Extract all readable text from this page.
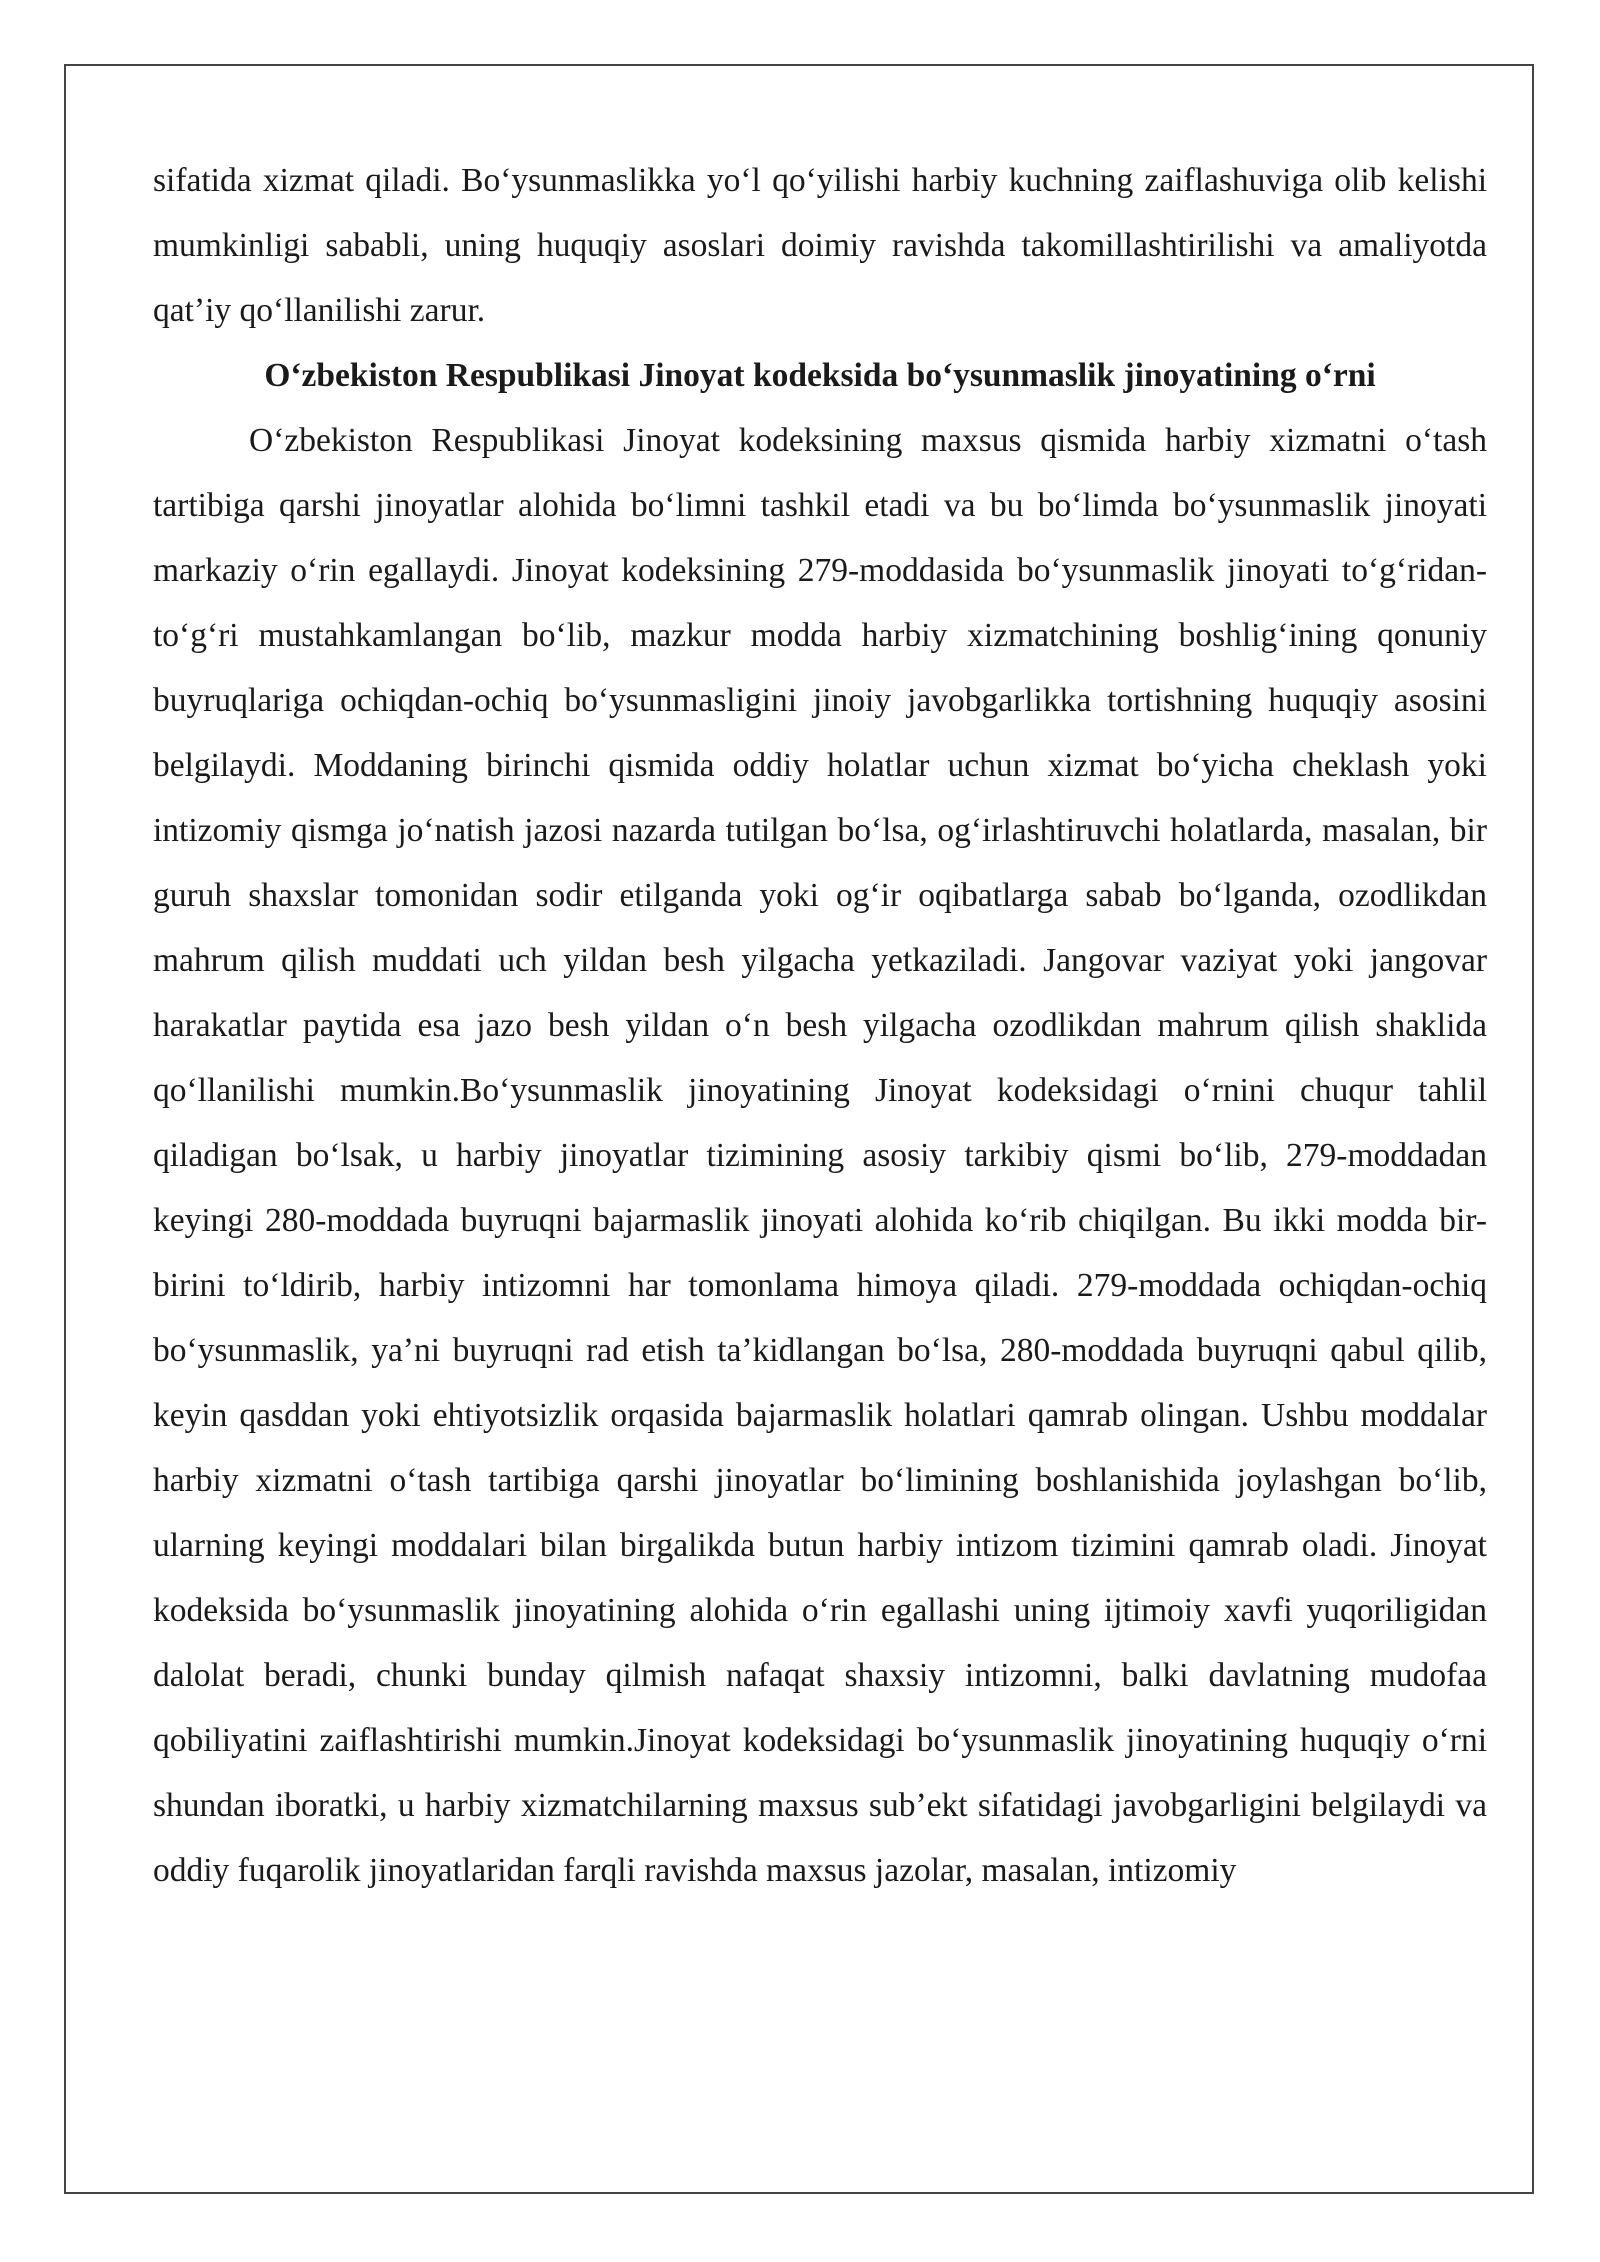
sifatida xizmat qiladi. Boʻysunmaslikka yoʻl qoʻyilishi harbiy kuchning zaiflashuviga olib kelishi mumkinligi sababli, uning huquqiy asoslari doimiy ravishda takomillashtirilishi va amaliyotda qatʼiy qoʻllanilishi zarur.

Oʻzbekiston Respublikasi Jinoyat kodeksida boʻysunmaslik jinoyatining oʻrni

Oʻzbekiston Respublikasi Jinoyat kodeksining maxsus qismida harbiy xizmatni oʻtash tartibiga qarshi jinoyatlar alohida boʻlimni tashkil etadi va bu boʻlimda boʻysunmaslik jinoyati markaziy oʻrin egallaydi. Jinoyat kodeksining 279-moddasida boʻysunmaslik jinoyati toʻgʻridan-toʻgʻri mustahkamlangan boʻlib, mazkur modda harbiy xizmatchining boshligʻining qonuniy buyruqlariga ochiqdan-ochiq boʻysunmasligini jinoiy javobgarlikka tortishning huquqiy asosini belgilaydi. Moddaning birinchi qismida oddiy holatlar uchun xizmat boʻyicha cheklash yoki intizomiy qismga joʻnatish jazosi nazarda tutilgan boʻlsa, ogʻirlashtiruvchi holatlarda, masalan, bir guruh shaxslar tomonidan sodir etilganda yoki ogʻir oqibatlarga sabab boʻlganda, ozodlikdan mahrum qilish muddati uch yildan besh yilgacha yetkaziladi. Jangovar vaziyat yoki jangovar harakatlar paytida esa jazo besh yildan oʻn besh yilgacha ozodlikdan mahrum qilish shaklida qoʻllanilishi mumkin.Boʻysunmaslik jinoyatining Jinoyat kodeksidagi oʻrnini chuqur tahlil qiladigan boʻlsak, u harbiy jinoyatlar tizimining asosiy tarkibiy qismi boʻlib, 279-moddadan keyingi 280-moddada buyruqni bajarmaslik jinoyati alohida koʻrib chiqilgan. Bu ikki modda bir-birini toʻldirib, harbiy intizomni har tomonlama himoya qiladi. 279-moddada ochiqdan-ochiq boʻysunmaslik, yaʼni buyruqni rad etish taʼkidlangan boʻlsa, 280-moddada buyruqni qabul qilib, keyin qasddan yoki ehtiyotsizlik orqasida bajarmaslik holatlari qamrab olingan. Ushbu moddalar harbiy xizmatni oʻtash tartibiga qarshi jinoyatlar boʻlimining boshlanishida joylashgan boʻlib, ularning keyingi moddalari bilan birgalikda butun harbiy intizom tizimini qamrab oladi. Jinoyat kodeksida boʻysunmaslik jinoyatining alohida oʻrin egallashi uning ijtimoiy xavfi yuqoriligidan dalolat beradi, chunki bunday qilmish nafaqat shaxsiy intizomni, balki davlatning mudofaa qobiliyatini zaiflashtirishi mumkin.Jinoyat kodeksidagi boʻysunmaslik jinoyatining huquqiy oʻrni shundan iboratki, u harbiy xizmatchilarning maxsus subʼekt sifatidagi javobgarligini belgilaydi va oddiy fuqarolik jinoyatlaridan farqli ravishda maxsus jazolar, masalan, intizomiy
